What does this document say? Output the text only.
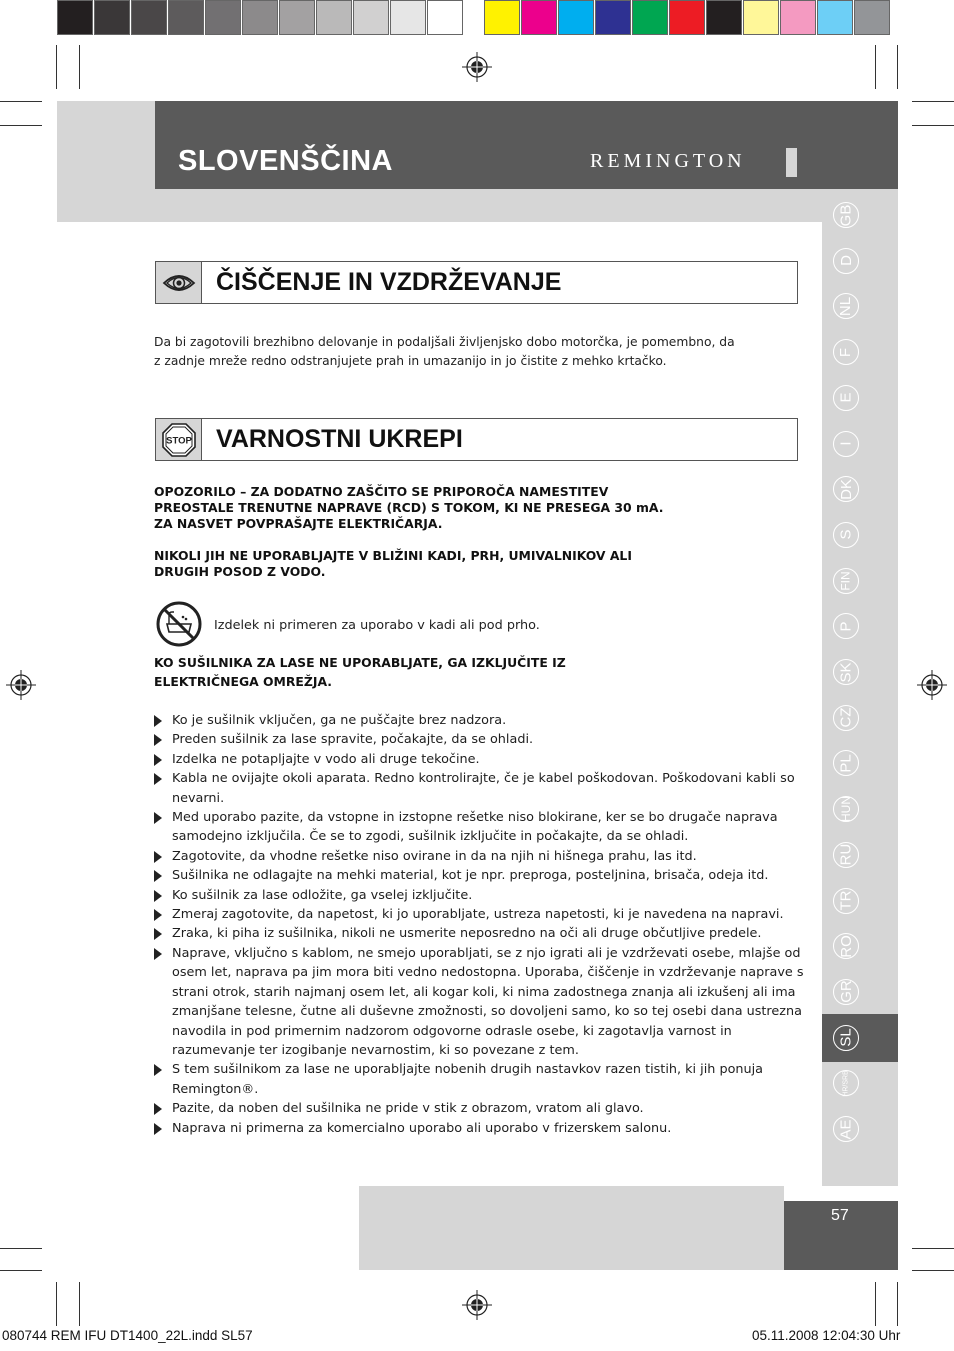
SLOVENŠČINA	REMINGTON
GB
D
NL
F
E
I
DK
S
FIN
P
SK
CZ
PL
HUN
RU
TR
RO
GR
SL
HR/SRB
AE
ČIŠČENJE IN VZDRŽEVANJE
Da bi zagotovili brezhibno delovanje in podaljšali življenjsko dobo motorčka, je pomembno, da
z zadnje mreže redno odstranjujete prah in umazanijo in jo čistite z mehko krtačko.
STOP VARNOSTNI UKREPI
OPOZORILO – ZA DODATNO ZAŠČITO SE PRIPOROČA NAMESTITEV
PREOSTALE TRENUTNE NAPRAVE (RCD) S TOKOM, KI NE PRESEGA 30 mA.
ZA NASVET POVPRAŠAJTE ELEKTRIČARJA.
NIKOLI JIH NE UPORABLJAJTE V BLIŽINI KADI, PRH, UMIVALNIKOV ALI
DRUGIH POSOD Z VODO.
Izdelek ni primeren za uporabo v kadi ali pod prho.
KO SUŠILNIKA ZA LASE NE UPORABLJATE, GA IZKLJUČITE IZ
ELEKTRIČNEGA OMREŽJA.
Ko je sušilnik vključen, ga ne puščajte brez nadzora.
Preden sušilnik za lase spravite, počakajte, da se ohladi.
Izdelka ne potapljajte v vodo ali druge tekočine.
Kabla ne ovijajte okoli aparata. Redno kontrolirajte, če je kabel poškodovan. Poškodovani kabli so nevarni.
Med uporabo pazite, da vstopne in izstopne rešetke niso blokirane, ker se bo drugače naprava samodejno izključila. Če se to zgodi, sušilnik izključite in počakajte, da se ohladi.
Zagotovite, da vhodne rešetke niso ovirane in da na njih ni hišnega prahu, las itd.
Sušilnika ne odlagajte na mehki material, kot je npr. preproga, posteljnina, brisača, odeja itd.
Ko sušilnik za lase odložite, ga vselej izključite.
Zmeraj zagotovite, da napetost, ki jo uporabljate, ustreza napetosti, ki je navedena na napravi.
Zraka, ki piha iz sušilnika, nikoli ne usmerite neposredno na oči ali druge občutljive predele.
Naprave, vključno s kablom, ne smejo uporabljati, se z njo igrati ali je vzdrževati osebe, mlajše od osem let, naprava pa jim mora biti vedno nedostopna. Uporaba, čiščenje in vzdrževanje naprave s strani otrok, starih najmanj osem let, ali kogar koli, ki nima zadostnega znanja ali izkušenj ali ima zmanjšane telesne, čutne ali duševne zmožnosti, so dovoljeni samo, ko so tej osebi dana ustrezna navodila in pod primernim nadzorom odgovorne odrasle osebe, ki zagotavlja varnost in razumevanje ter izogibanje nevarnostim, ki so povezane z tem.
S tem sušilnikom za lase ne uporabljajte nobenih drugih nastavkov razen tistih, ki jih ponuja Remington®.
Pazite, da noben del sušilnika ne pride v stik z obrazom, vratom ali glavo.
Naprava ni primerna za komercialno uporabo ali uporabo v frizerskem salonu.
57
080744 REM IFU DT1400_22L.indd SL57	05.11.2008 12:04:30 Uhr
